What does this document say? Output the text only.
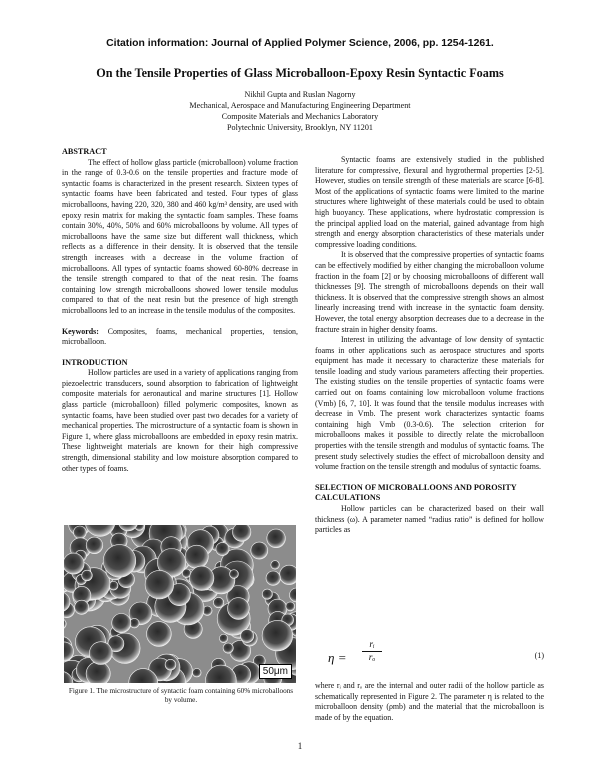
Citation information: Journal of Applied Polymer Science, 2006, pp. 1254-1261.
On the Tensile Properties of Glass Microballoon-Epoxy Resin Syntactic Foams
Nikhil Gupta and Ruslan Nagorny
Mechanical, Aerospace and Manufacturing Engineering Department
Composite Materials and Mechanics Laboratory
Polytechnic University, Brooklyn, NY 11201

ABSTRACT

The effect of hollow glass particle (microballoon) volume fraction in the range of 0.3-0.6 on the tensile properties and fracture mode of syntactic foams is characterized in the present research. Sixteen types of syntactic foams have been fabricated and tested. Four types of glass microballoons, having 220, 320, 380 and 460 kg/m³ density, are used with epoxy resin matrix for making the syntactic foam samples. These foams contain 30%, 40%, 50% and 60% microballoons by volume. All types of microballoons have the same size but different wall thickness, which reflects as a difference in their density. It is observed that the tensile strength increases with a decrease in the volume fraction of microballoons. All types of syntactic foams showed 60-80% decrease in the tensile strength compared to that of the neat resin. The foams containing low strength microballoons showed lower tensile modulus compared to that of the neat resin but the presence of high strength microballoons led to an increase in the tensile modulus of the composites.

Keywords: Composites, foams, mechanical properties, tension, microballoon.

INTRODUCTION

Hollow particles are used in a variety of applications ranging from piezoelectric transducers, sound absorption to fabrication of lightweight composite materials for aeronautical and marine structures [1]. Hollow glass particle (microballoon) filled polymeric composites, known as syntactic foams, have been studied over past two decades for a variety of mechanical properties. The microstructure of a syntactic foam is shown in Figure 1, where glass microballoons are embedded in epoxy resin matrix. These lightweight materials are known for their high compressive strength, dimensional stability and low moisture absorption compared to other types of foams.

50μm
Figure 1. The microstructure of syntactic foam containing 60% microballoons by volume.

Syntactic foams are extensively studied in the published literature for compressive, flexural and hygrothermal properties [2-5]. However, studies on tensile strength of these materials are scarce [6-8]. Most of the applications of syntactic foams were limited to the marine structures where lightweight of these materials could be used to obtain high buoyancy. These applications, where hydrostatic compression is the principal applied load on the material, gained advantage from high strength and energy absorption characteristics of these materials under compressive loading conditions.

It is observed that the compressive properties of syntactic foams can be effectively modified by either changing the microballoon volume fraction in the foam [2] or by choosing microballoons of different wall thicknesses [9]. The strength of microballoons depends on their wall thickness. It is observed that the compressive strength shows an almost linearly increasing trend with increase in the syntactic foam density. However, the total energy absorption decreases due to a decrease in the fracture strain in higher density foams.

Interest in utilizing the advantage of low density of syntactic foams in other applications such as aerospace structures and sports equipment has made it necessary to characterize these materials for tensile loading and study various parameters affecting their properties. The existing studies on the tensile properties of syntactic foams were carried out on foams containing low microballoon volume fractions (Vmb) [6, 7, 10]. It was found that the tensile modulus increases with decrease in Vmb. The present work characterizes syntactic foams containing high Vmb (0.3-0.6). The selection criterion for microballoons makes it possible to directly relate the microballoon properties with the tensile strength and modulus of syntactic foams. The present study selectively studies the effect of microballoon density and volume fraction on the tensile strength and modulus of syntactic foams.

SELECTION OF MICROBALLOONS AND POROSITY CALCULATIONS

Hollow particles can be characterized based on their wall thickness (ω). A parameter named “radius ratio” is defined for hollow particles as

η =
rᵢ
rₒ	(1)

where rᵢ and rₒ are the internal and outer radii of the hollow particle as schematically represented in Figure 2. The parameter η is related to the microballoon density (ρmb) and the material that the microballoon is made of by the equation.

1
